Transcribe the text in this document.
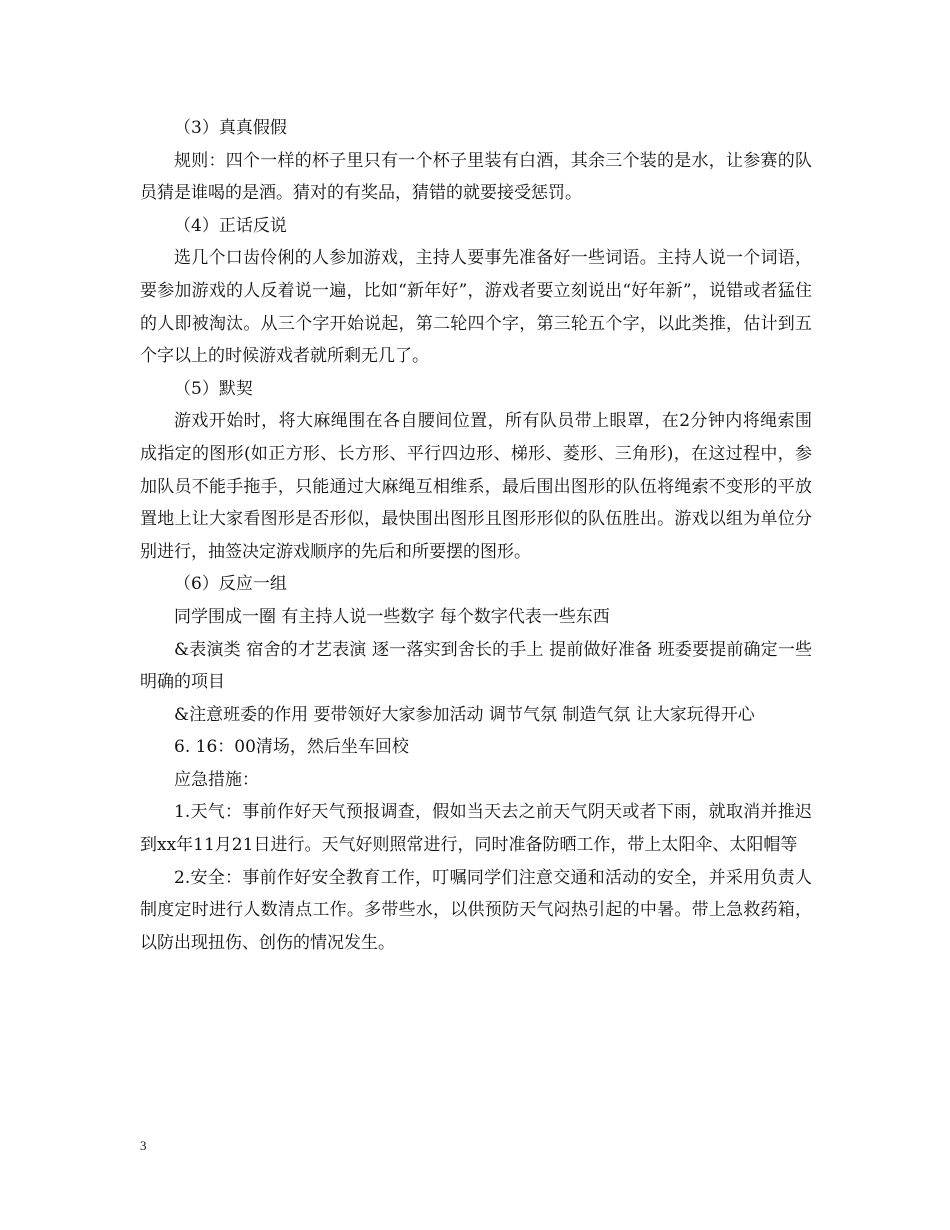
（3）真真假假

规则：四个一样的杯子里只有一个杯子里装有白酒，其余三个装的是水，让参赛的队员猜是谁喝的是酒。猜对的有奖品，猜错的就要接受惩罚。

（4）正话反说

选几个口齿伶俐的人参加游戏，主持人要事先准备好一些词语。主持人说一个词语，要参加游戏的人反着说一遍，比如“新年好”，游戏者要立刻说出“好年新”，说错或者猛住的人即被淘汰。从三个字开始说起，第二轮四个字，第三轮五个字，以此类推，估计到五个字以上的时候游戏者就所剩无几了。

（5）默契

游戏开始时，将大麻绳围在各自腰间位置，所有队员带上眼罩，在2分钟内将绳索围成指定的图形(如正方形、长方形、平行四边形、梯形、菱形、三角形)，在这过程中，参加队员不能手拖手，只能通过大麻绳互相维系，最后围出图形的队伍将绳索不变形的平放置地上让大家看图形是否形似，最快围出图形且图形形似的队伍胜出。游戏以组为单位分别进行，抽签决定游戏顺序的先后和所要摆的图形。

（6）反应一组

同学围成一圈 有主持人说一些数字 每个数字代表一些东西

&表演类 宿舍的才艺表演 逐一落实到舍长的手上 提前做好准备 班委要提前确定一些明确的项目

&注意班委的作用 要带领好大家参加活动 调节气氛 制造气氛 让大家玩得开心

6. 16：00清场，然后坐车回校

应急措施：

1.天气：事前作好天气预报调查，假如当天去之前天气阴天或者下雨，就取消并推迟到xx年11月21日进行。天气好则照常进行，同时准备防晒工作，带上太阳伞、太阳帽等

2.安全：事前作好安全教育工作，叮嘱同学们注意交通和活动的安全，并采用负责人制度定时进行人数清点工作。多带些水，以供预防天气闷热引起的中暑。带上急救药箱，以防出现扭伤、创伤的情况发生。

3
